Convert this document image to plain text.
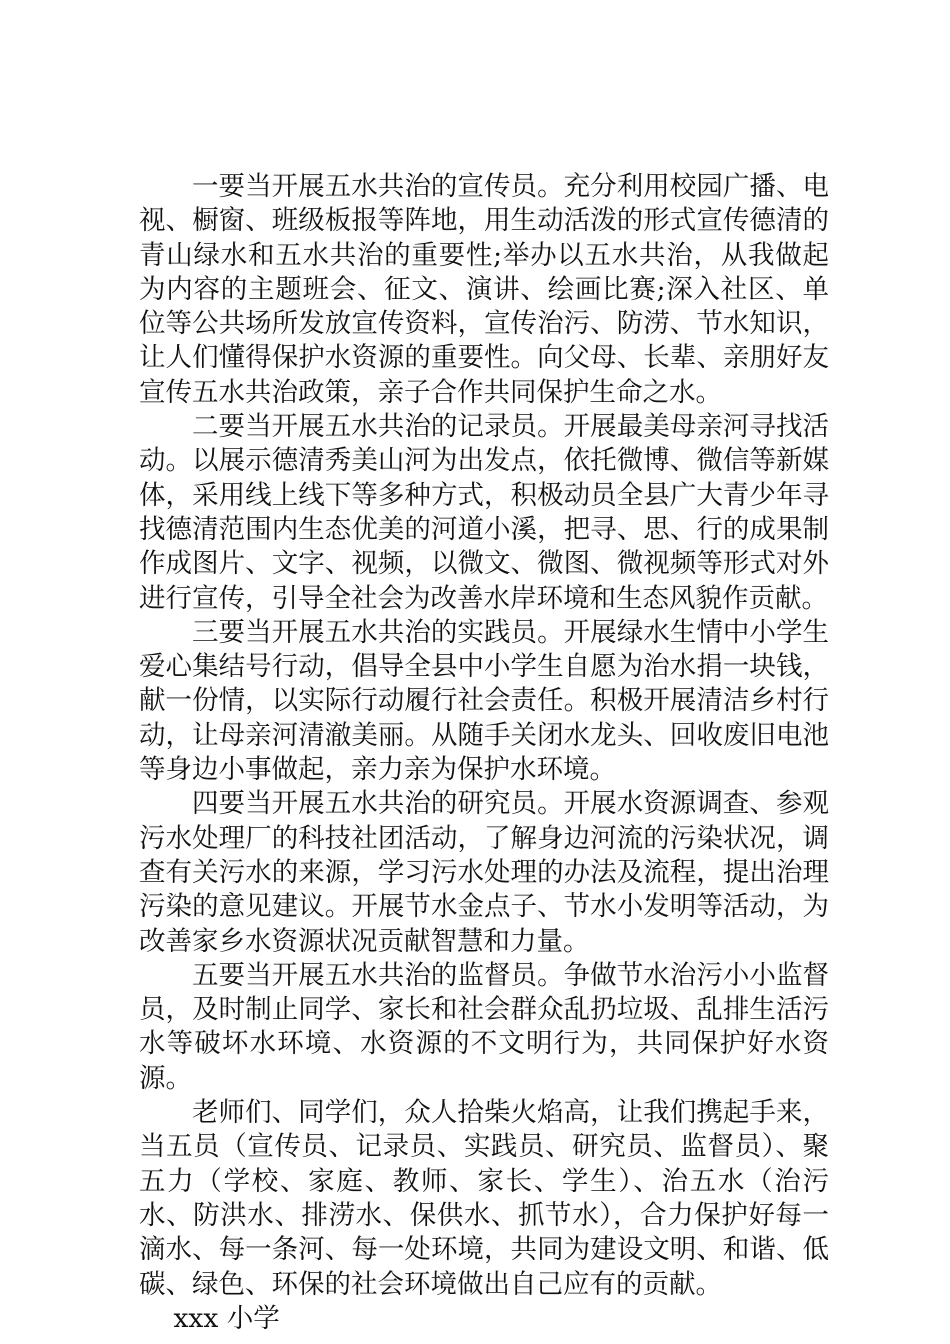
一要当开展五水共治的宣传员。充分利用校园广播、电视、橱窗、班级板报等阵地，用生动活泼的形式宣传德清的青山绿水和五水共治的重要性;举办以五水共治，从我做起为内容的主题班会、征文、演讲、绘画比赛;深入社区、单位等公共场所发放宣传资料，宣传治污、防涝、节水知识，让人们懂得保护水资源的重要性。向父母、长辈、亲朋好友宣传五水共治政策，亲子合作共同保护生命之水。

二要当开展五水共治的记录员。开展最美母亲河寻找活动。以展示德清秀美山河为出发点，依托微博、微信等新媒体，采用线上线下等多种方式，积极动员全县广大青少年寻找德清范围内生态优美的河道小溪，把寻、思、行的成果制作成图片、文字、视频，以微文、微图、微视频等形式对外进行宣传，引导全社会为改善水岸环境和生态风貌作贡献。

三要当开展五水共治的实践员。开展绿水生情中小学生爱心集结号行动，倡导全县中小学生自愿为治水捐一块钱，献一份情，以实际行动履行社会责任。积极开展清洁乡村行动，让母亲河清澈美丽。从随手关闭水龙头、回收废旧电池等身边小事做起，亲力亲为保护水环境。

四要当开展五水共治的研究员。开展水资源调查、参观污水处理厂的科技社团活动，了解身边河流的污染状况，调查有关污水的来源，学习污水处理的办法及流程，提出治理污染的意见建议。开展节水金点子、节水小发明等活动，为改善家乡水资源状况贡献智慧和力量。

五要当开展五水共治的监督员。争做节水治污小小监督员，及时制止同学、家长和社会群众乱扔垃圾、乱排生活污水等破坏水环境、水资源的不文明行为，共同保护好水资源。

老师们、同学们，众人拾柴火焰高，让我们携起手来，当五员（宣传员、记录员、实践员、研究员、监督员）、聚五力（学校、家庭、教师、家长、学生）、治五水（治污水、防洪水、排涝水、保供水、抓节水），合力保护好每一滴水、每一条河、每一处环境，共同为建设文明、和谐、低碳、绿色、环保的社会环境做出自己应有的贡献。

xxx 小学
